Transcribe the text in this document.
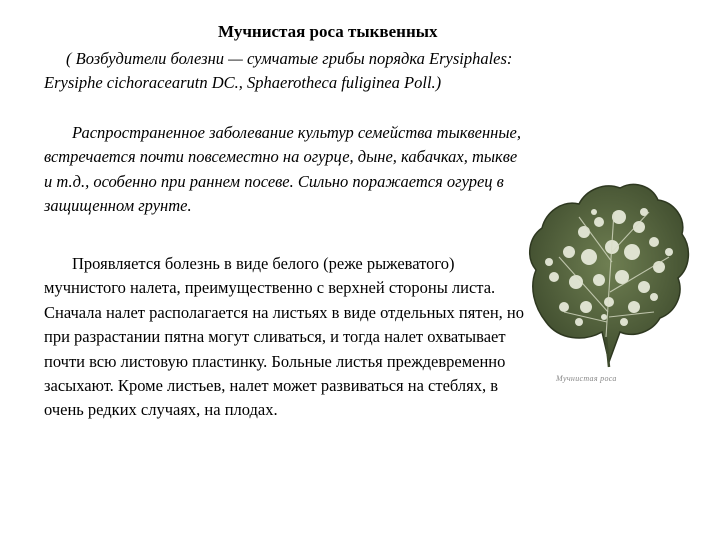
Мучнистая роса тыквенных

( Возбудители болезни — сумчатые грибы порядка Erysiphales: Erysiphe cichoracearutn DC., Sphaerotheca fuliginea Poll.)

Распространенное заболевание культур семейства тыквенные, встречается почти повсеместно на огурце, дыне, кабачках, тыкве и т.д., особенно при раннем посеве. Сильно поражается огурец в защищенном грунте.

Проявляется болезнь в виде белого (реже рыжеватого) мучнистого налета, преимущественно с верхней стороны листа. Сначала налет располагается на листьях в виде отдельных пятен, но при разрастании пятна могут сливаться, и тогда налет охватывает почти всю листовую пластинку. Больные листья преждевременно засыхают. Кроме листьев, налет может развиваться на стеблях, в очень редких случаях, на плодах.

Мучнистая роса
